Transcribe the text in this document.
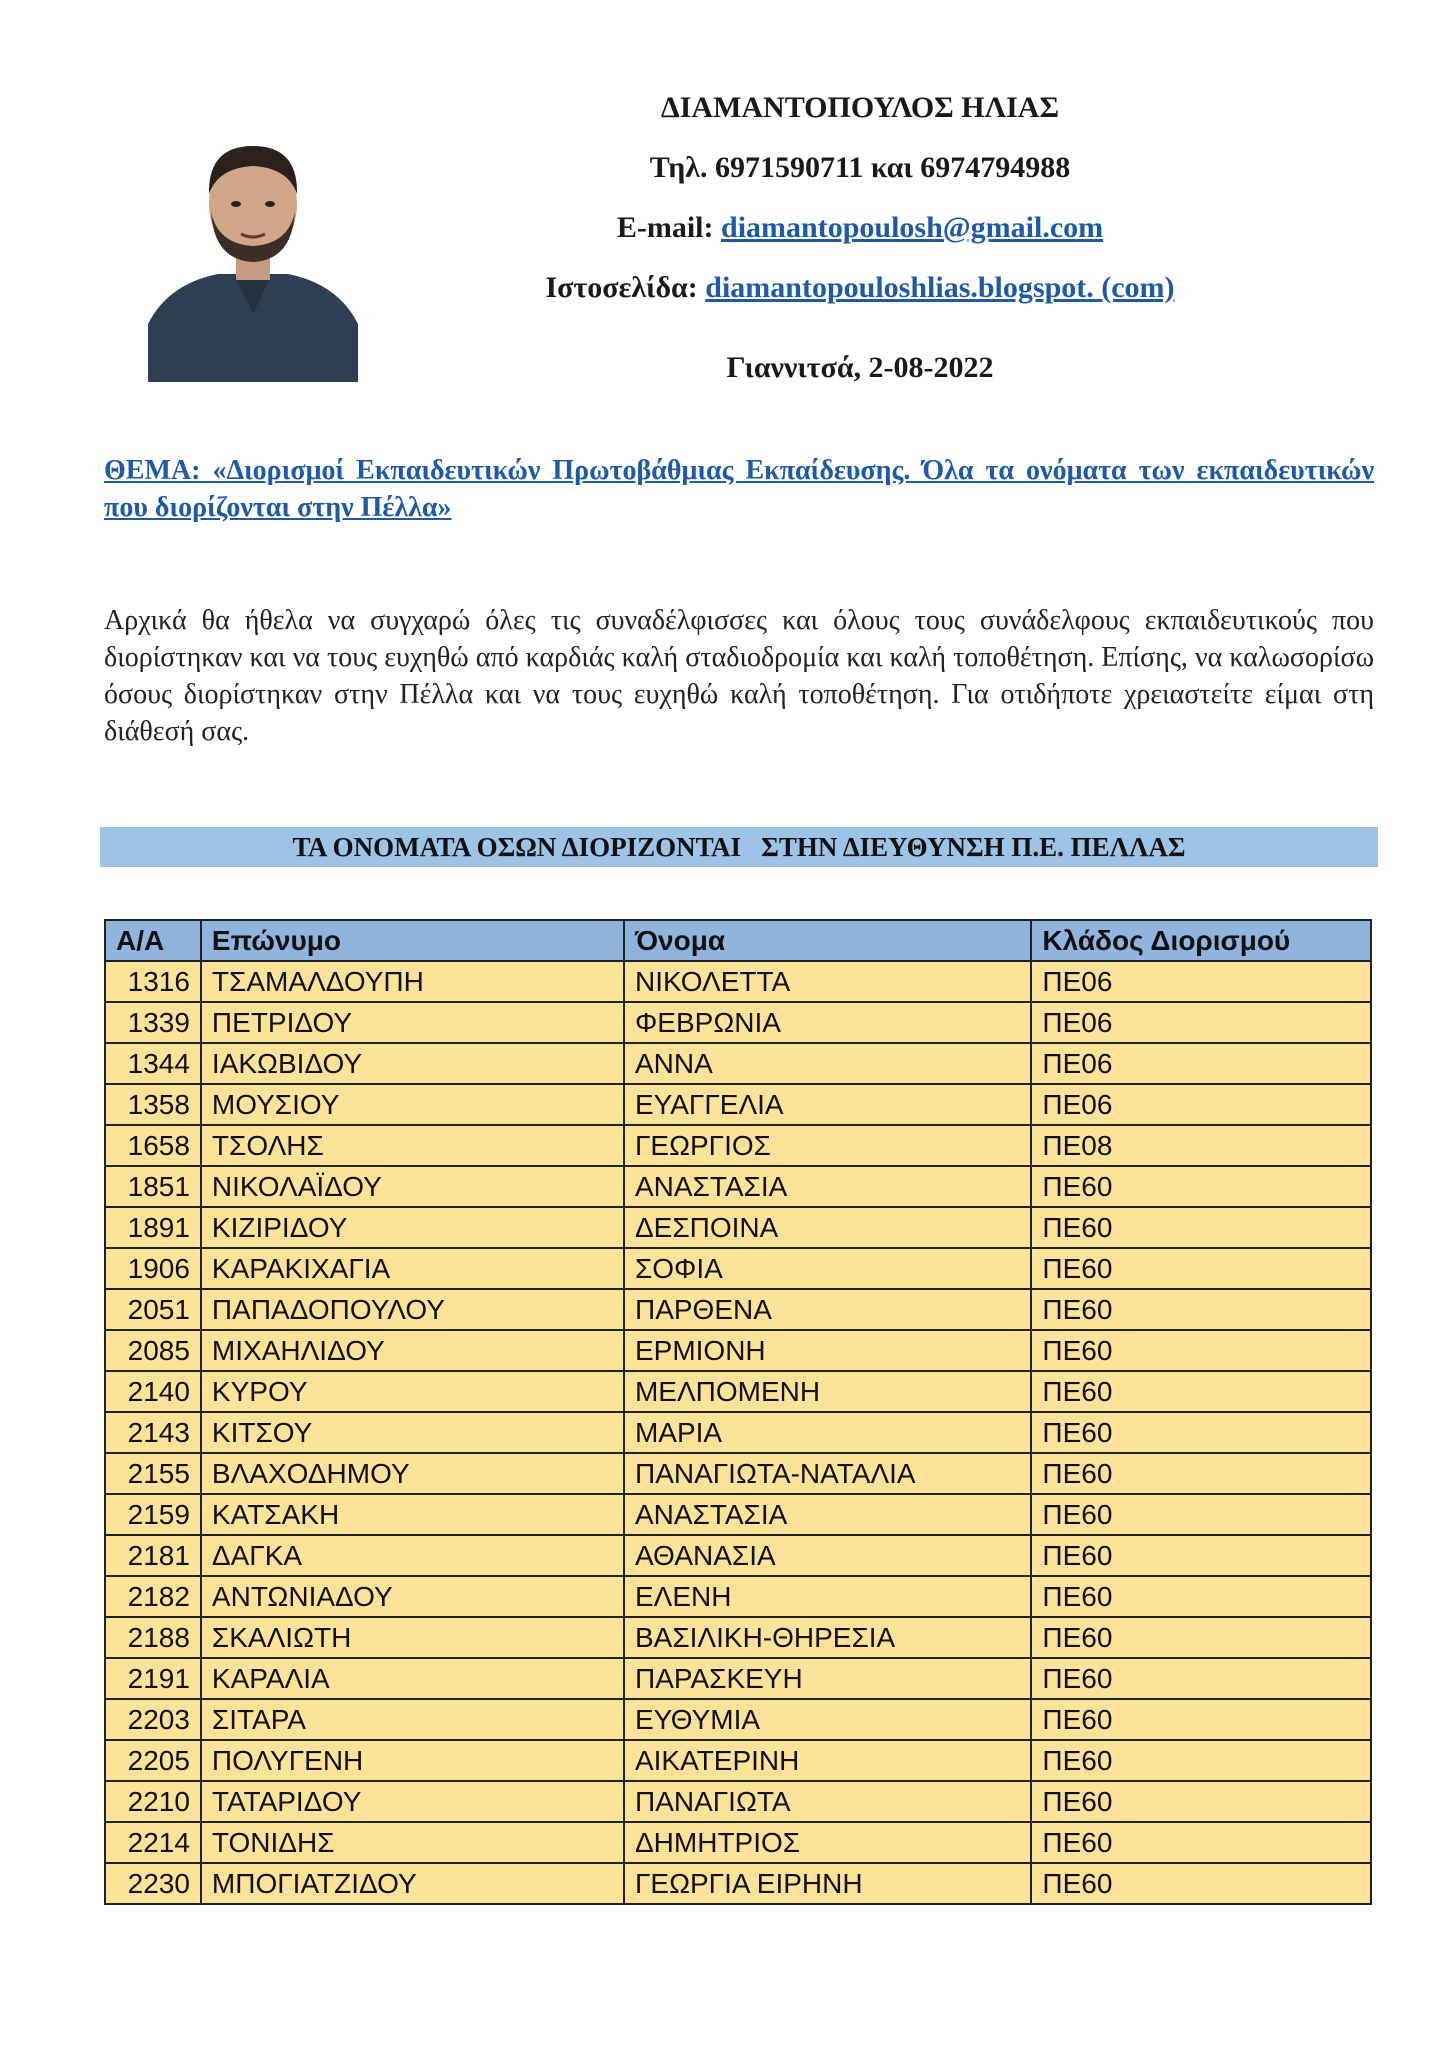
ΔΙΑΜΑΝΤΟΠΟΥΛΟΣ ΗΛΙΑΣ
Τηλ. 6971590711 και 6974794988
E-mail: diamantopoulosh@gmail.com
Ιστοσελίδα: diamantopouloshlias.blogspot. (com)
Γιαννιτσά, 2-08-2022
ΘΕΜΑ: «Διορισμοί Εκπαιδευτικών Πρωτοβάθμιας Εκπαίδευσης. Όλα τα ονόματα των εκπαιδευτικών που διορίζονται στην Πέλλα»
Αρχικά θα ήθελα να συγχαρώ όλες τις συναδέλφισσες και όλους τους συνάδελφους εκπαιδευτικούς που διορίστηκαν και να τους ευχηθώ από καρδιάς καλή σταδιοδρομία και καλή τοποθέτηση. Επίσης, να καλωσορίσω όσους διορίστηκαν στην Πέλλα και να τους ευχηθώ καλή τοποθέτηση. Για οτιδήποτε χρειαστείτε είμαι στη διάθεσή σας.
ΤΑ ΟΝΟΜΑΤΑ ΟΣΩΝ ΔΙΟΡΙΖΟΝΤΑΙ   ΣΤΗΝ ΔΙΕΥΘΥΝΣΗ Π.Ε. ΠΕΛΛΑΣ
Α/Α	Επώνυμο	Όνομα	Κλάδος Διορισμού
1316	ΤΣΑΜΑΛΔΟΥΠΗ	ΝΙΚΟΛΕΤΤΑ	ΠΕ06
1339	ΠΕΤΡΙΔΟΥ	ΦΕΒΡΩΝΙΑ	ΠΕ06
1344	ΙΑΚΩΒΙΔΟΥ	ΑΝΝΑ	ΠΕ06
1358	ΜΟΥΣΙΟΥ	ΕΥΑΓΓΕΛΙΑ	ΠΕ06
1658	ΤΣΟΛΗΣ	ΓΕΩΡΓΙΟΣ	ΠΕ08
1851	ΝΙΚΟΛΑΪΔΟΥ	ΑΝΑΣΤΑΣΙΑ	ΠΕ60
1891	ΚΙΖΙΡΙΔΟΥ	ΔΕΣΠΟΙΝΑ	ΠΕ60
1906	ΚΑΡΑΚΙΧΑΓΙΑ	ΣΟΦΙΑ	ΠΕ60
2051	ΠΑΠΑΔΟΠΟΥΛΟΥ	ΠΑΡΘΕΝΑ	ΠΕ60
2085	ΜΙΧΑΗΛΙΔΟΥ	ΕΡΜΙΟΝΗ	ΠΕ60
2140	ΚΥΡΟΥ	ΜΕΛΠΟΜΕΝΗ	ΠΕ60
2143	ΚΙΤΣΟΥ	ΜΑΡΙΑ	ΠΕ60
2155	ΒΛΑΧΟΔΗΜΟΥ	ΠΑΝΑΓΙΩΤΑ-ΝΑΤΑΛΙΑ	ΠΕ60
2159	ΚΑΤΣΑΚΗ	ΑΝΑΣΤΑΣΙΑ	ΠΕ60
2181	ΔΑΓΚΑ	ΑΘΑΝΑΣΙΑ	ΠΕ60
2182	ΑΝΤΩΝΙΑΔΟΥ	ΕΛΕΝΗ	ΠΕ60
2188	ΣΚΑΛΙΩΤΗ	ΒΑΣΙΛΙΚΗ-ΘΗΡΕΣΙΑ	ΠΕ60
2191	ΚΑΡΑΛΙΑ	ΠΑΡΑΣΚΕΥΗ	ΠΕ60
2203	ΣΙΤΑΡΑ	ΕΥΘΥΜΙΑ	ΠΕ60
2205	ΠΟΛΥΓΕΝΗ	ΑΙΚΑΤΕΡΙΝΗ	ΠΕ60
2210	ΤΑΤΑΡΙΔΟΥ	ΠΑΝΑΓΙΩΤΑ	ΠΕ60
2214	ΤΟΝΙΔΗΣ	ΔΗΜΗΤΡΙΟΣ	ΠΕ60
2230	ΜΠΟΓΙΑΤΖΙΔΟΥ	ΓΕΩΡΓΙΑ ΕΙΡΗΝΗ	ΠΕ60
